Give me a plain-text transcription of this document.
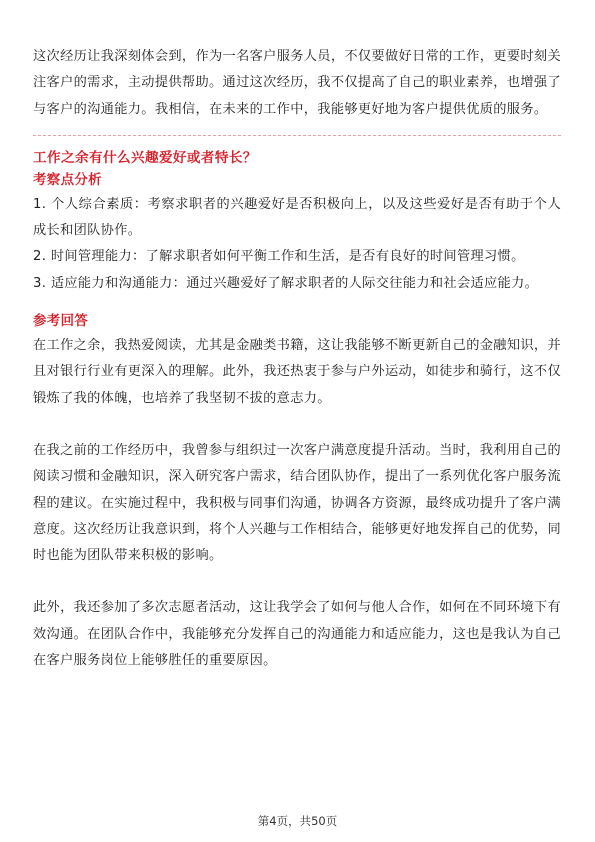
这次经历让我深刻体会到，作为一名客户服务人员，不仅要做好日常的工作，更要时刻关注客户的需求，主动提供帮助。通过这次经历，我不仅提高了自己的职业素养，也增强了与客户的沟通能力。我相信，在未来的工作中，我能够更好地为客户提供优质的服务。

工作之余有什么兴趣爱好或者特长？
考察点分析
1. 个人综合素质：考察求职者的兴趣爱好是否积极向上，以及这些爱好是否有助于个人成长和团队协作。
2. 时间管理能力：了解求职者如何平衡工作和生活，是否有良好的时间管理习惯。
3. 适应能力和沟通能力：通过兴趣爱好了解求职者的人际交往能力和社会适应能力。
参考回答

在工作之余，我热爱阅读，尤其是金融类书籍，这让我能够不断更新自己的金融知识，并且对银行行业有更深入的理解。此外，我还热衷于参与户外运动，如徒步和骑行，这不仅锻炼了我的体魄，也培养了我坚韧不拔的意志力。

在我之前的工作经历中，我曾参与组织过一次客户满意度提升活动。当时，我利用自己的阅读习惯和金融知识，深入研究客户需求，结合团队协作，提出了一系列优化客户服务流程的建议。在实施过程中，我积极与同事们沟通，协调各方资源，最终成功提升了客户满意度。这次经历让我意识到，将个人兴趣与工作相结合，能够更好地发挥自己的优势，同时也能为团队带来积极的影响。

此外，我还参加了多次志愿者活动，这让我学会了如何与他人合作，如何在不同环境下有效沟通。在团队合作中，我能够充分发挥自己的沟通能力和适应能力，这也是我认为自己在客户服务岗位上能够胜任的重要原因。

第4页，共50页
